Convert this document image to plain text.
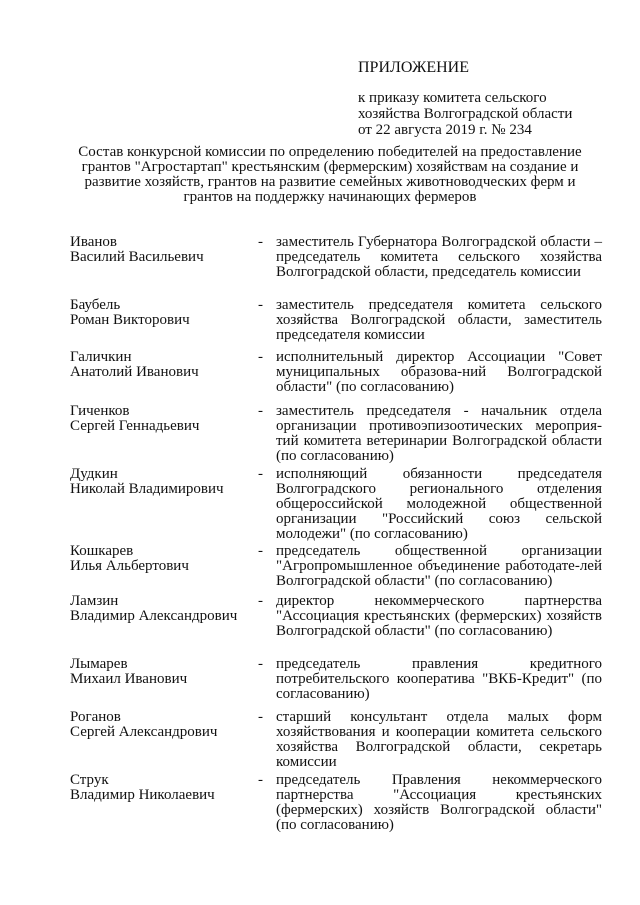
ПРИЛОЖЕНИЕ
к приказу комитета сельского
хозяйства Волгоградской области
от 22 августа 2019 г. № 234
Состав конкурсной комиссии по определению победителей на предоставление грантов "Агростартап" крестьянским (фермерским) хозяйствам на создание и развитие хозяйств, грантов на развитие семейных животноводческих ферм и грантов на поддержку начинающих фермеров
Иванов
Василий Васильевич
- заместитель Губернатора Волгоградской области – председатель комитета сельского хозяйства Волгоградской области, председатель комиссии
Баубель
Роман Викторович
- заместитель председателя комитета сельского хозяйства Волгоградской области, заместитель председателя комиссии
Галичкин
Анатолий Иванович
- исполнительный директор Ассоциации "Совет муниципальных образова-ний Волгоградской области" (по согласованию)
Гиченков
Сергей Геннадьевич
- заместитель председателя - начальник отдела организации противоэпизоотических мероприя-тий комитета ветеринарии Волгоградской области (по согласованию)
Дудкин
Николай Владимирович
- исполняющий обязанности председателя Волгоградского регионального отделения общероссийской молодежной общественной организации "Российский союз сельской молодежи" (по согласованию)
Кошкарев
Илья Альбертович
- председатель общественной организации "Агропромышленное объединение работодате-лей Волгоградской области" (по согласованию)
Ламзин
Владимир Александрович
- директор некоммерческого партнерства "Ассоциация крестьянских (фермерских) хозяйств Волгоградской области" (по согласованию)
Лымарев
Михаил Иванович
- председатель правления кредитного потребительского кооператива "ВКБ-Кредит" (по согласованию)
Роганов
Сергей Александрович
- старший консультант отдела малых форм хозяйствования и кооперации комитета сельского хозяйства Волгоградской области, секретарь комиссии
Струк
Владимир Николаевич
- председатель Правления некоммерческого партнерства "Ассоциация крестьянских (фермерских) хозяйств Волгоградской области" (по согласованию)
